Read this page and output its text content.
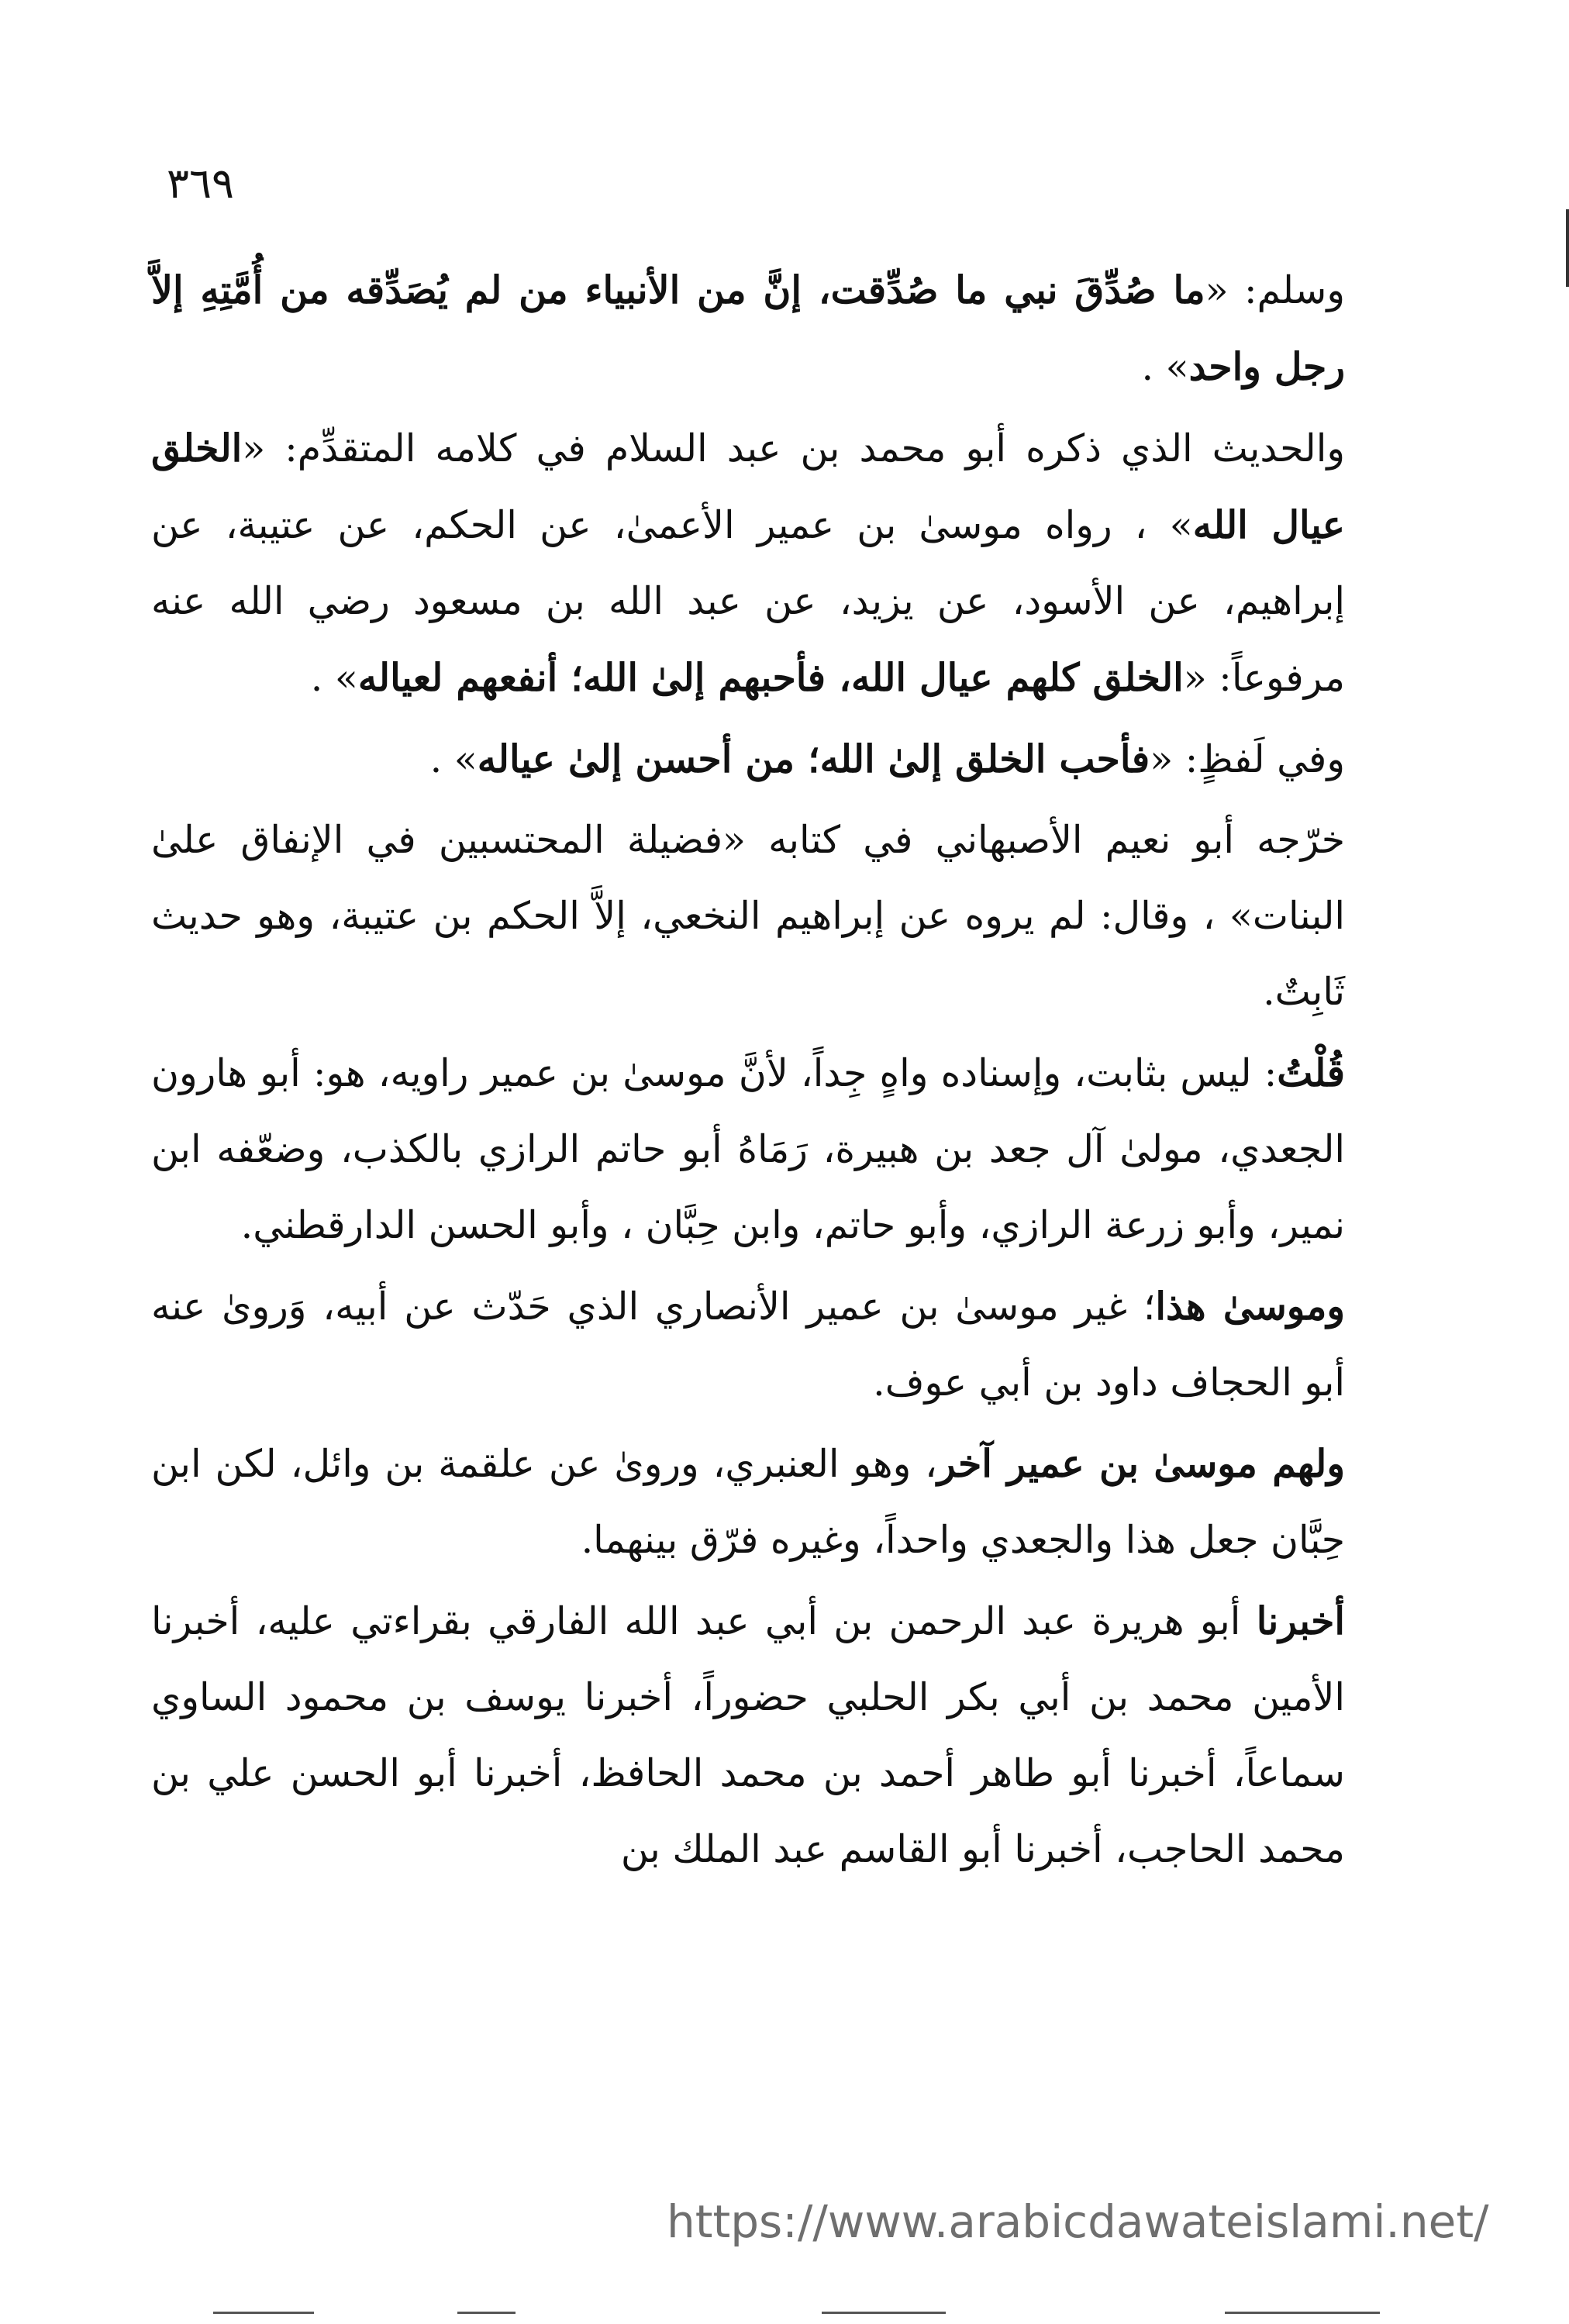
٣٦٩

وسلم: «ما صُدِّقَ نبي ما صُدِّقت، إنَّ من الأنبياء من لم يُصَدِّقه من أُمَّتِهِ إلاَّ رجل واحد» .

والحديث الذي ذكره أبو محمد بن عبد السلام في كلامه المتقدِّم: «الخلق عيال الله» ، رواه موسىٰ بن عمير الأعمىٰ، عن الحكم، عن عتيبة، عن إبراهيم، عن الأسود، عن يزيد، عن عبد الله بن مسعود رضي الله عنه مرفوعاً: «الخلق كلهم عيال الله، فأحبهم إلىٰ الله؛ أنفعهم لعياله» .

وفي لَفظٍ: «فأحب الخلق إلىٰ الله؛ من أحسن إلىٰ عياله» .

خرّجه أبو نعيم الأصبهاني في كتابه «فضيلة المحتسبين في الإنفاق علىٰ البنات» ، وقال: لم يروه عن إبراهيم النخعي، إلاَّ الحكم بن عتيبة، وهو حديث ثَابِتٌ.

قُلْتُ: ليس بثابت، وإسناده واهٍ جِداً، لأنَّ موسىٰ بن عمير راويه، هو: أبو هارون الجعدي، مولىٰ آل جعد بن هبيرة، رَمَاهُ أبو حاتم الرازي بالكذب، وضعّفه ابن نمير، وأبو زرعة الرازي، وأبو حاتم، وابن حِبَّان ، وأبو الحسن الدارقطني.

وموسىٰ هذا؛ غير موسىٰ بن عمير الأنصاري الذي حَدّث عن أبيه، وَروىٰ عنه أبو الحجاف داود بن أبي عوف.

ولهم موسىٰ بن عمير آخر، وهو العنبري، وروىٰ عن علقمة بن وائل، لكن ابن حِبَّان جعل هذا والجعدي واحداً، وغيره فرّق بينهما.

أخبرنا أبو هريرة عبد الرحمن بن أبي عبد الله الفارقي بقراءتي عليه، أخبرنا الأمين محمد بن أبي بكر الحلبي حضوراً، أخبرنا يوسف بن محمود الساوي سماعاً، أخبرنا أبو طاهر أحمد بن محمد الحافظ، أخبرنا أبو الحسن علي بن محمد الحاجب، أخبرنا أبو القاسم عبد الملك بن

https://www.arabicdawateislami.net/
